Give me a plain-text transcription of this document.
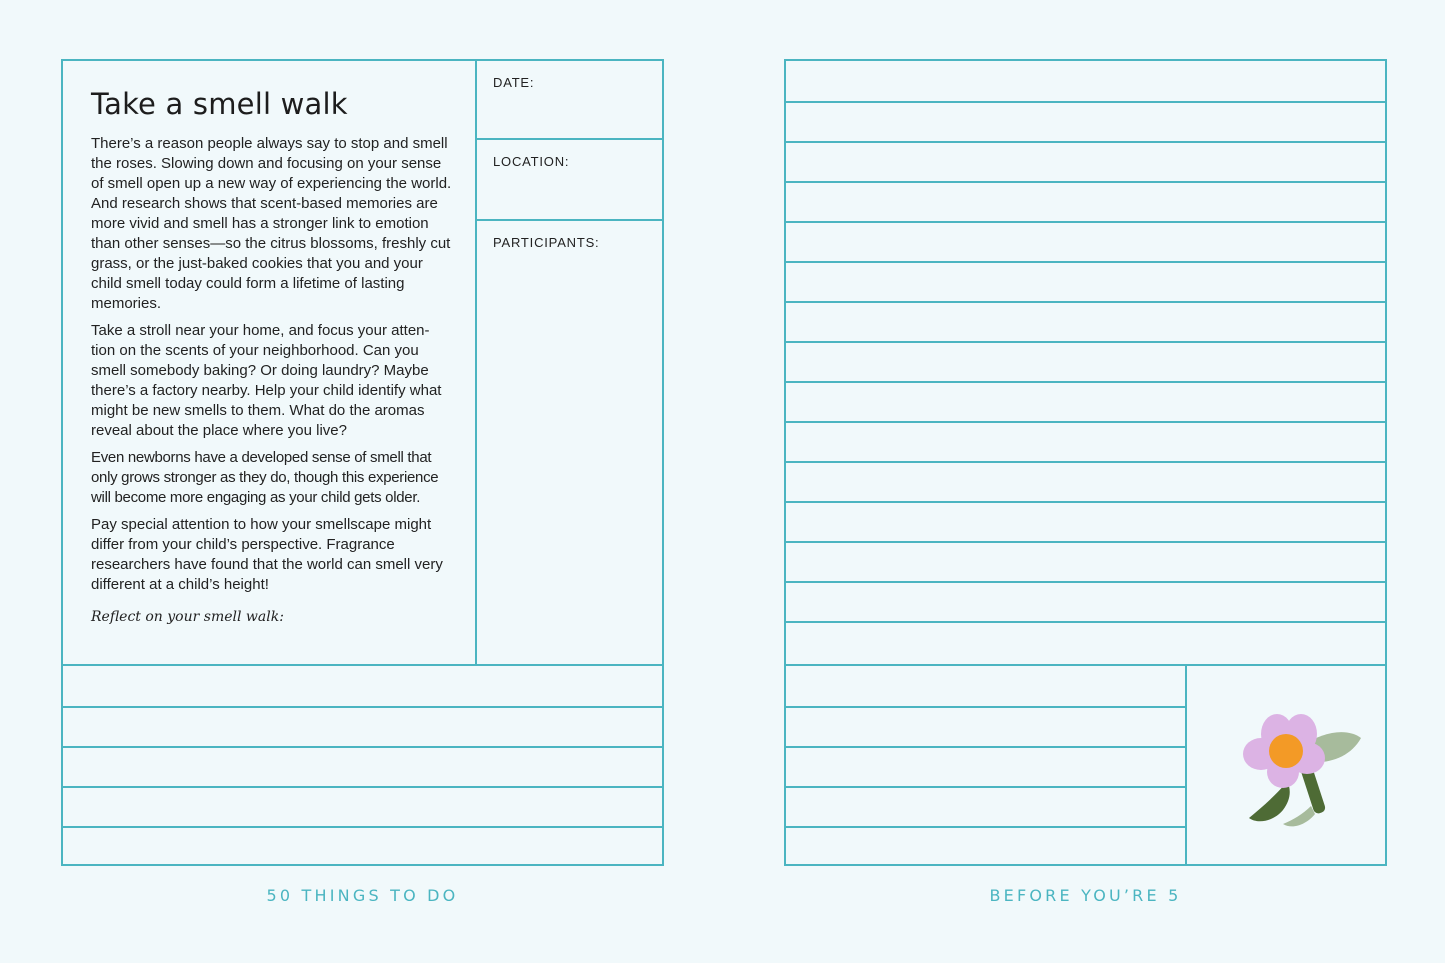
Take a smell walk

There’s a reason people always say to stop and smell the roses. Slowing down and focusing on your sense of smell open up a new way of experiencing the world. And research shows that scent-based memories are more vivid and smell has a stronger link to emotion than other senses—so the citrus blossoms, freshly cut grass, or the just-baked cookies that you and your child smell today could form a lifetime of lasting memories.

Take a stroll near your home, and focus your atten-tion on the scents of your neighborhood. Can you smell somebody baking? Or doing laundry? Maybe there’s a factory nearby. Help your child identify what might be new smells to them. What do the aromas reveal about the place where you live?

Even newborns have a developed sense of smell that only grows stronger as they do, though this experience will become more engaging as your child gets older.

Pay special attention to how your smellscape might differ from your child’s perspective. Fragrance researchers have found that the world can smell very different at a child’s height!

Reflect on your smell walk:
DATE:
LOCATION:
PARTICIPANTS:
50 THINGS TO DO	BEFORE YOU’RE 5
